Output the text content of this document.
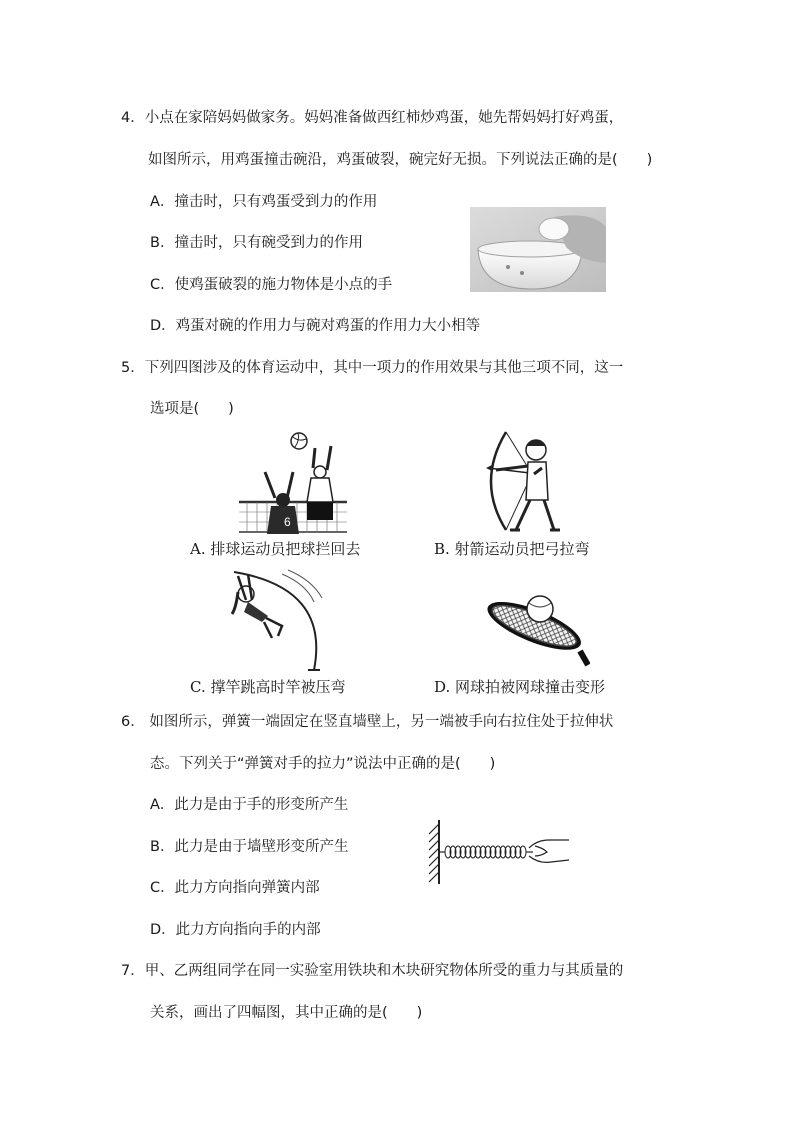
4．小点在家陪妈妈做家务。妈妈准备做西红柿炒鸡蛋，她先帮妈妈打好鸡蛋，
如图所示，用鸡蛋撞击碗沿，鸡蛋破裂，碗完好无损。下列说法正确的是(　　)
A．撞击时，只有鸡蛋受到力的作用
B．撞击时，只有碗受到力的作用
C．使鸡蛋破裂的施力物体是小点的手
D．鸡蛋对碗的作用力与碗对鸡蛋的作用力大小相等
5．下列四图涉及的体育运动中，其中一项力的作用效果与其他三项不同，这一
选项是(　　)
6
A. 排球运动员把球拦回去	B. 射箭运动员把弓拉弯
C. 撑竿跳高时竿被压弯	D. 网球拍被网球撞击变形
6． 如图所示，弹簧一端固定在竖直墙壁上，另一端被手向右拉住处于拉伸状
态。下列关于“弹簧对手的拉力”说法中正确的是(　　)
A．此力是由于手的形变所产生
B．此力是由于墙壁形变所产生
C．此力方向指向弹簧内部
D．此力方向指向手的内部
7．甲、乙两组同学在同一实验室用铁块和木块研究物体所受的重力与其质量的
关系，画出了四幅图，其中正确的是(　　)
